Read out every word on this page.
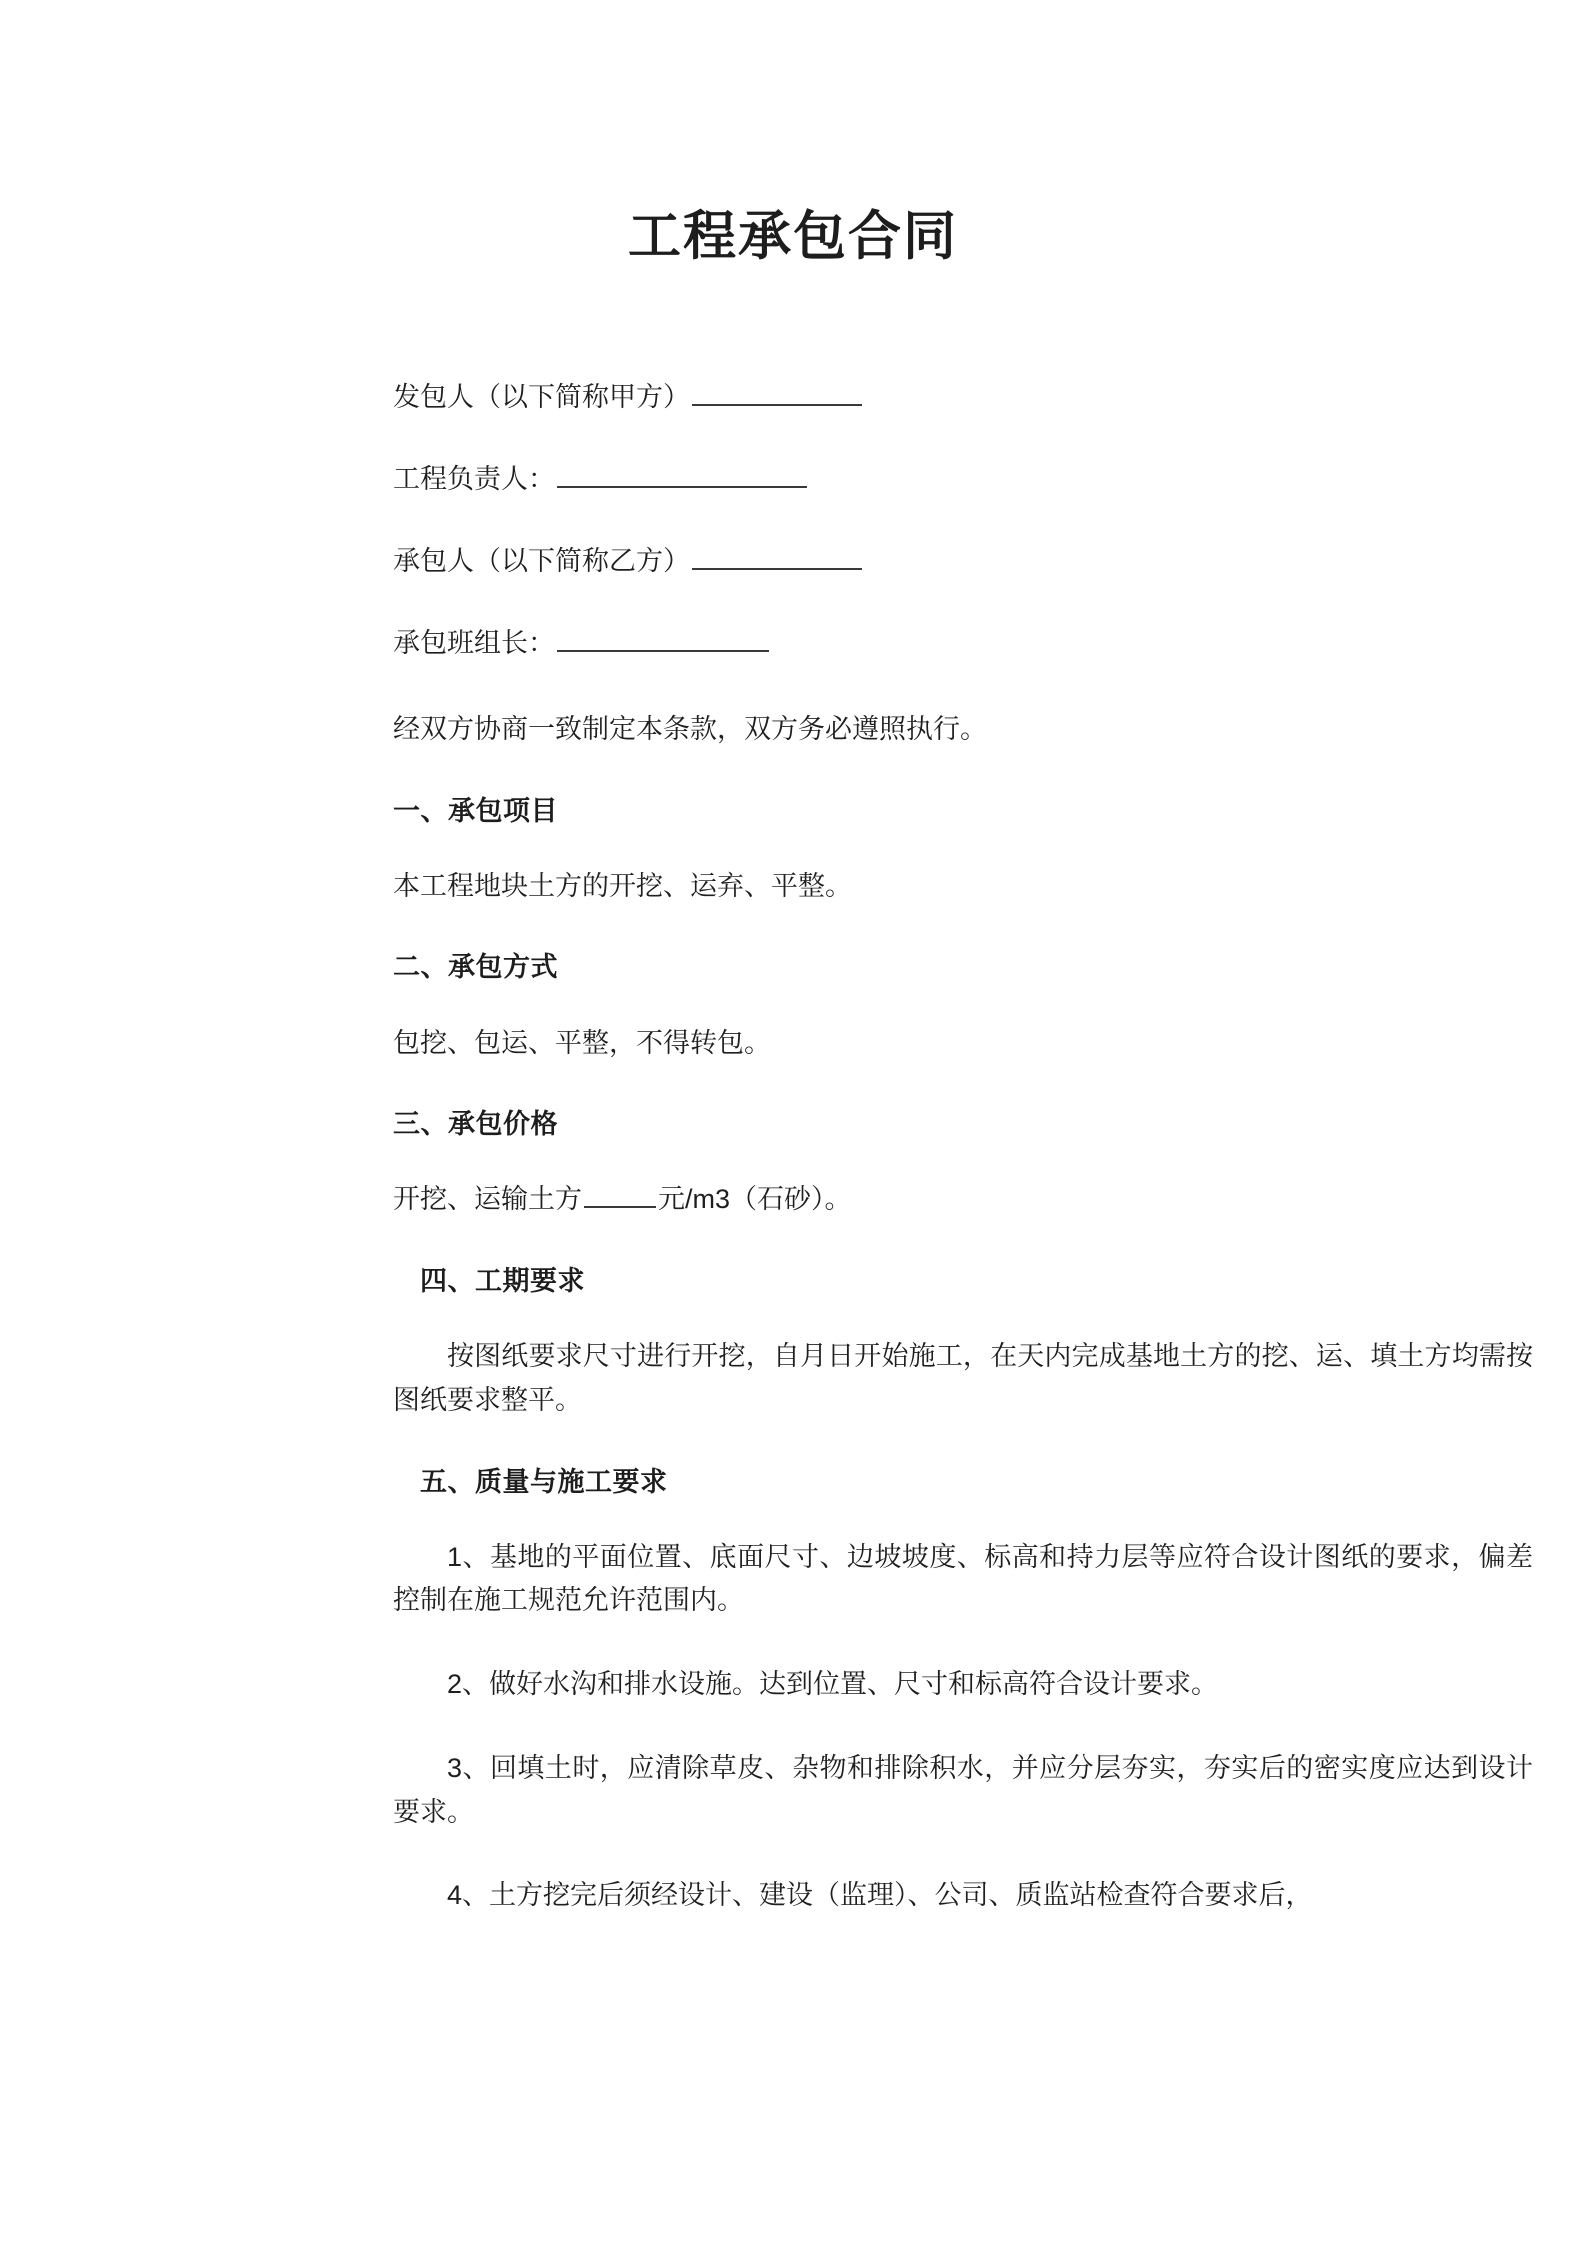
工程承包合同

发包人（以下简称甲方）

工程负责人：

承包人（以下简称乙方）

承包班组长：

经双方协商一致制定本条款，双方务必遵照执行。

一、承包项目

本工程地块土方的开挖、运弃、平整。

二、承包方式

包挖、包运、平整，不得转包。

三、承包价格

开挖、运输土方	元/m3（石砂）。

四、工期要求

按图纸要求尺寸进行开挖，自月日开始施工，在天内完成基地土方的挖、运、填土方均需按图纸要求整平。

五、质量与施工要求

1、基地的平面位置、底面尺寸、边坡坡度、标高和持力层等应符合设计图纸的要求，偏差控制在施工规范允许范围内。

2、做好水沟和排水设施。达到位置、尺寸和标高符合设计要求。

3、回填土时，应清除草皮、杂物和排除积水，并应分层夯实，夯实后的密实度应达到设计要求。

4、土方挖完后须经设计、建设（监理）、公司、质监站检查符合要求后，
